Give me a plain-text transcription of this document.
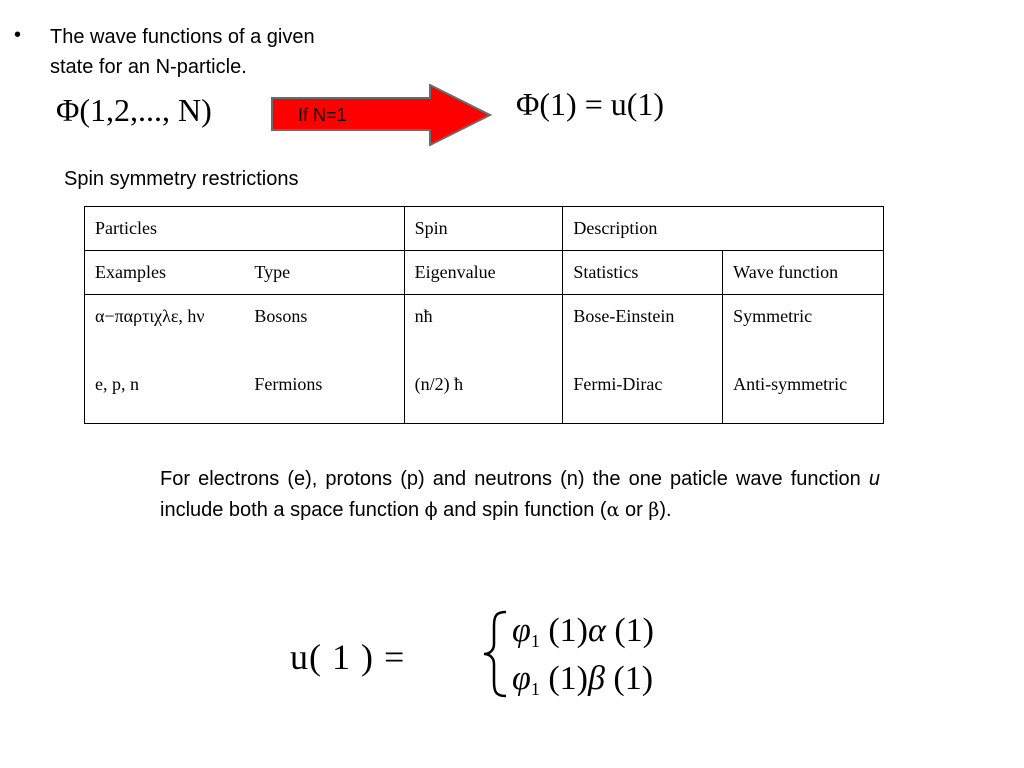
• The wave functions of a given
state for an N-particle.
Φ(1,2,..., N)	If N=1	Φ(1) = u(1)
Spin symmetry restrictions
Particles		Spin	Description	
Examples	Type	Eigenvalue	Statistics	Wave function
α−παρτιχλε, hν	Bosons	nħ	Bose-Einstein	Symmetric
e, p, n	Fermions	(n/2) ħ	Fermi-Dirac	Anti-symmetric
For electrons (e), protons (p) and neutrons (n) the one paticle wave function u include both a space function ϕ and spin function (α or β).
u( 1 ) =
$\varphi_1$ (1)α (1)
$\varphi_1$ (1)β (1)
